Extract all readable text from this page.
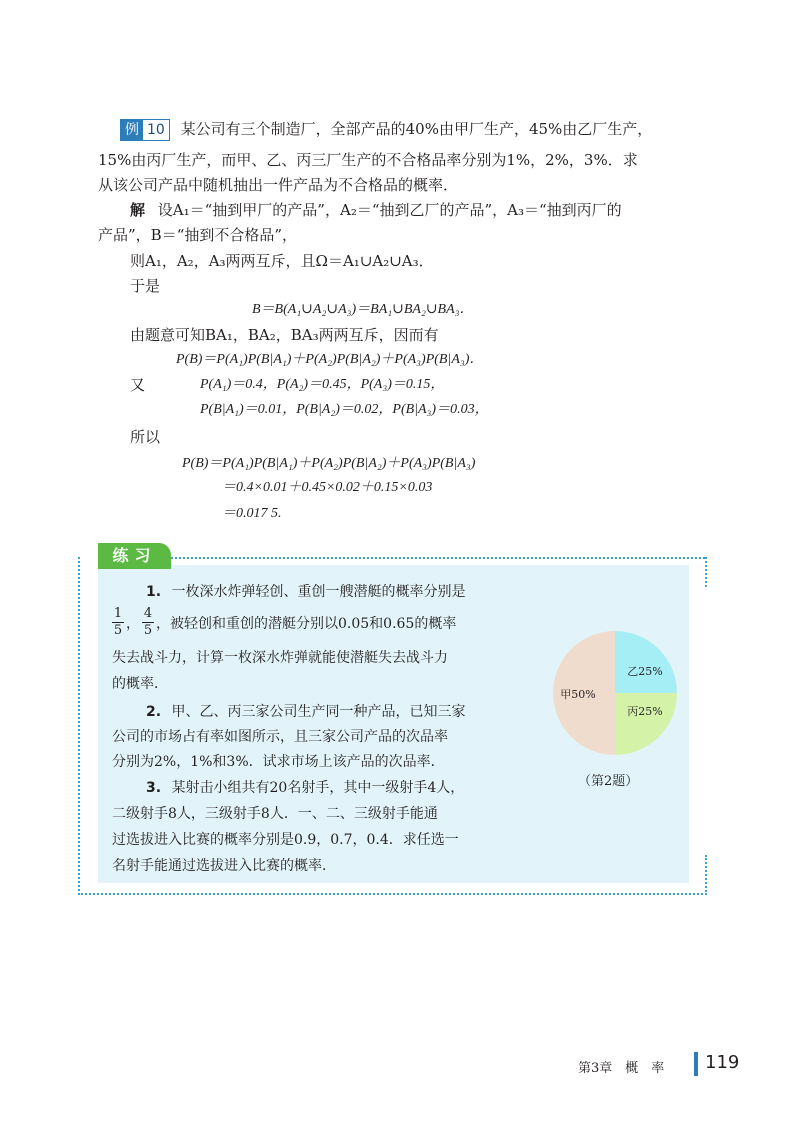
例 10 某公司有三个制造厂，全部产品的40%由甲厂生产，45%由乙厂生产，
15%由丙厂生产，而甲、乙、丙三厂生产的不合格品率分别为1%，2%，3%．求
从该公司产品中随机抽出一件产品为不合格品的概率．
解 设A₁＝“抽到甲厂的产品”，A₂＝“抽到乙厂的产品”，A₃＝“抽到丙厂的
产品”，B＝“抽到不合格品”，
则A₁，A₂，A₃两两互斥，且Ω＝A₁∪A₂∪A₃．
于是
B＝B(A₁∪A₂∪A₃)＝BA₁∪BA₂∪BA₃．
由题意可知BA₁，BA₂，BA₃两两互斥，因而有
P(B)＝P(A₁)P(B|A₁)＋P(A₂)P(B|A₂)＋P(A₃)P(B|A₃)．
又	P(A₁)＝0.4，P(A₂)＝0.45，P(A₃)＝0.15，
P(B|A₁)＝0.01，P(B|A₂)＝0.02，P(B|A₃)＝0.03，
所以
P(B)＝P(A₁)P(B|A₁)＋P(A₂)P(B|A₂)＋P(A₃)P(B|A₃)
＝0.4×0.01＋0.45×0.02＋0.15×0.03
＝0.017 5.
练习
1. 一枚深水炸弹轻创、重创一艘潜艇的概率分别是
1
5 ，
4
5 ，被轻创和重创的潜艇分别以0.05和0.65的概率
失去战斗力，计算一枚深水炸弹就能使潜艇失去战斗力
的概率．
2. 甲、乙、丙三家公司生产同一种产品，已知三家
公司的市场占有率如图所示，且三家公司产品的次品率
分别为2%，1%和3%．试求市场上该产品的次品率．
3. 某射击小组共有20名射手，其中一级射手4人，
二级射手8人，三级射手8人．一、二、三级射手能通
过选拔进入比赛的概率分别是0.9，0.7，0.4．求任选一
名射手能通过选拔进入比赛的概率．
乙25%
丙25%
甲50%
（第2题）
第3章　概　率 119
